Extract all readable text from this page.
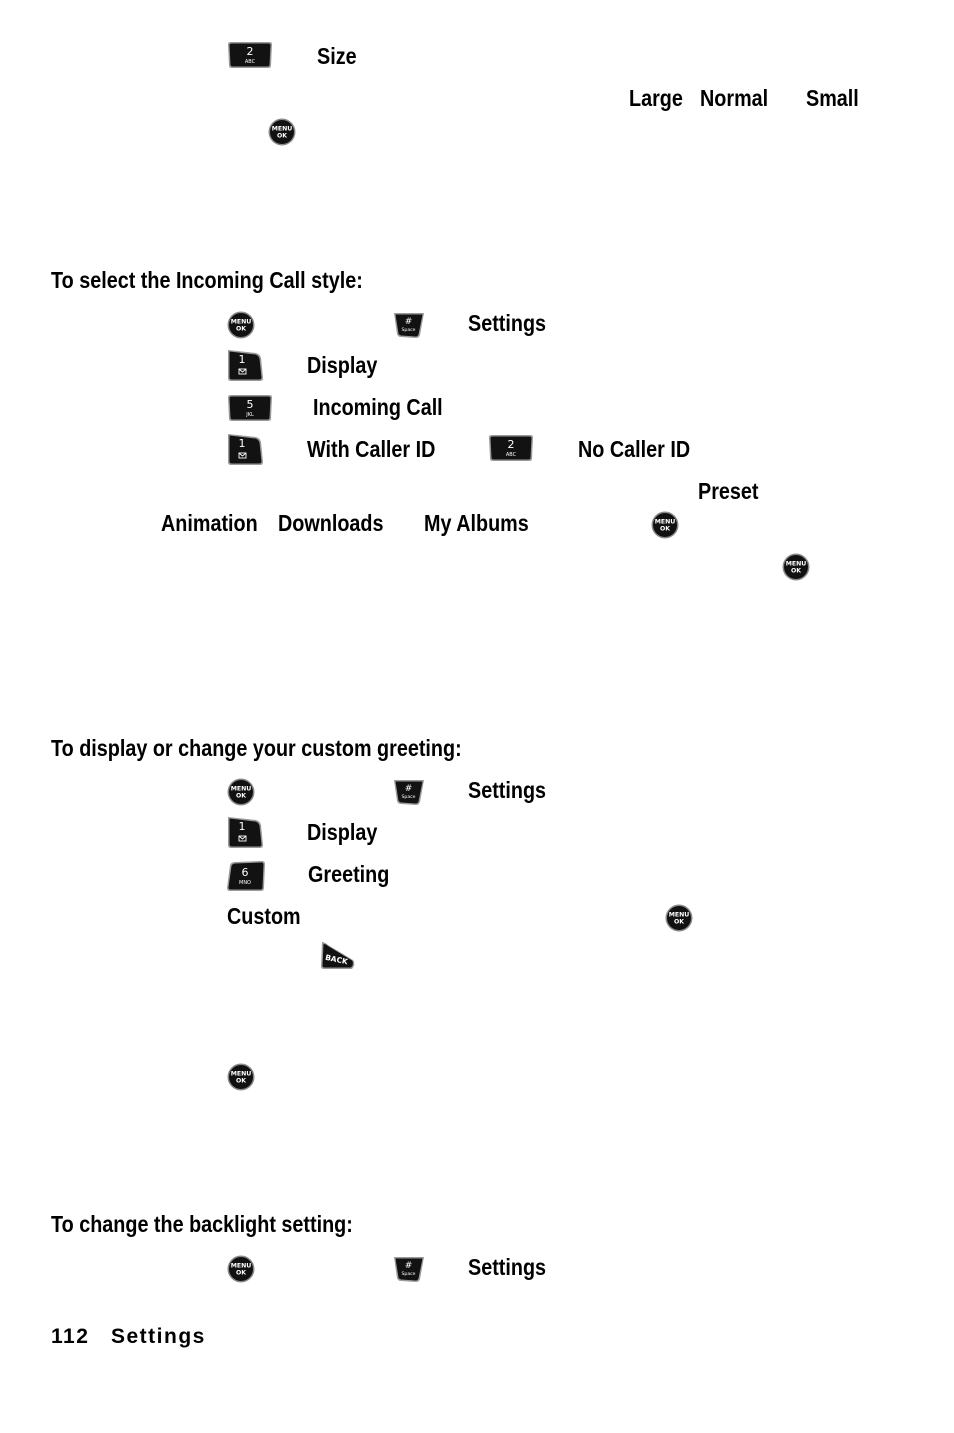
2
ABC	Size
Large Normal Small
MENU
OK
To select the Incoming Call style:
MENU
OK
#
Space Settings
1	Display
5
JKL	Incoming Call
1	With Caller ID	2
ABC	No Caller ID
Preset
Animation Downloads My Albums	MENU
OK
MENU
OK
To display or change your custom greeting:
MENU
OK
#
Space Settings
1	Display
6
MNO Greeting
Custom	MENU
OK
BACK
MENU
OK
To change the backlight setting:
MENU
OK
#
Space Settings
112 Settings
